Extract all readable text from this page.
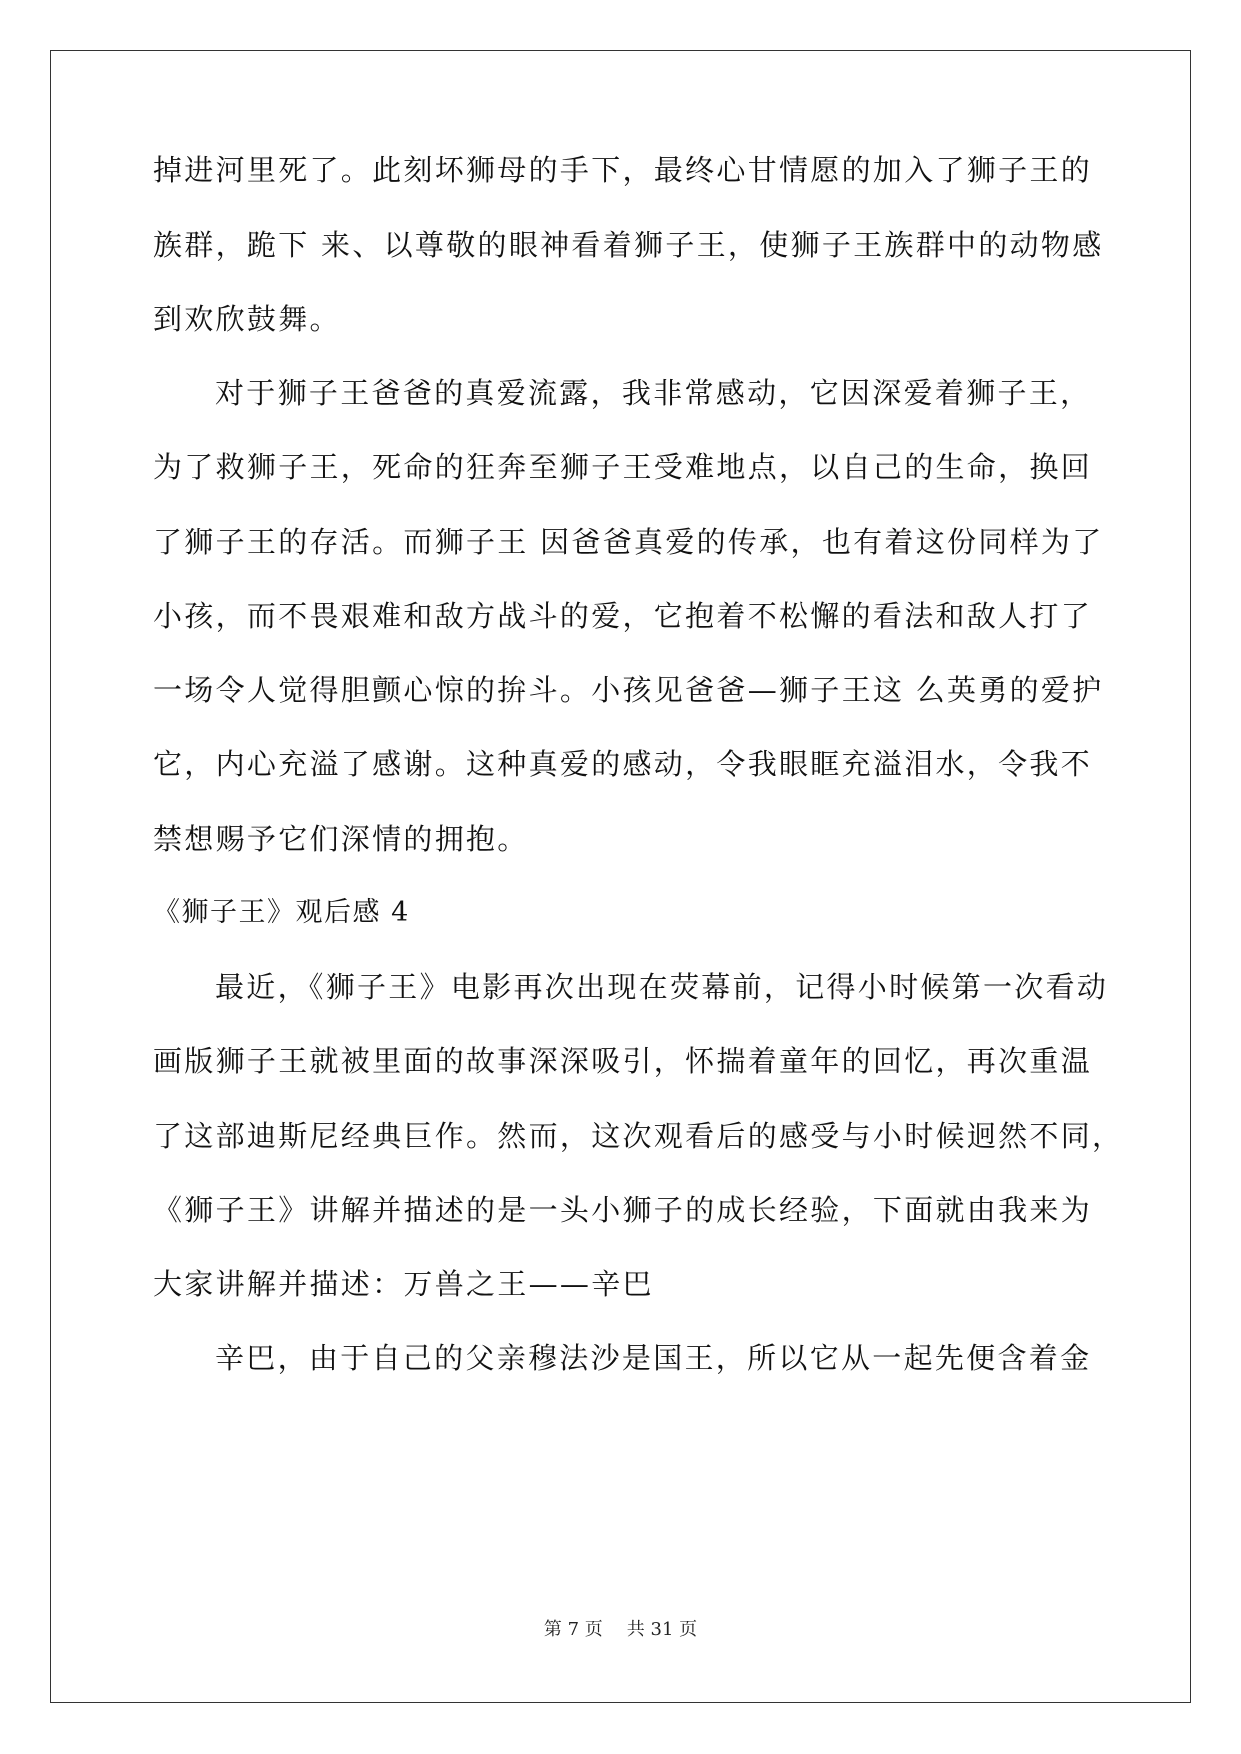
掉进河里死了。此刻坏狮母的手下，最终心甘情愿的加入了狮子王的
族群，跪下 来、以尊敬的眼神看着狮子王，使狮子王族群中的动物感
到欢欣鼓舞。
对于狮子王爸爸的真爱流露，我非常感动，它因深爱着狮子王，
为了救狮子王，死命的狂奔至狮子王受难地点，以自己的生命，换回
了狮子王的存活。而狮子王 因爸爸真爱的传承，也有着这份同样为了
小孩，而不畏艰难和敌方战斗的爱，它抱着不松懈的看法和敌人打了
一场令人觉得胆颤心惊的拚斗。小孩见爸爸—狮子王这 么英勇的爱护
它，内心充溢了感谢。这种真爱的感动，令我眼眶充溢泪水，令我不
禁想赐予它们深情的拥抱。
《狮子王》观后感 4
最近，《狮子王》电影再次出现在荧幕前，记得小时候第一次看动
画版狮子王就被里面的故事深深吸引，怀揣着童年的回忆，再次重温
了这部迪斯尼经典巨作。然而，这次观看后的感受与小时候迥然不同，
《狮子王》讲解并描述的是一头小狮子的成长经验，下面就由我来为
大家讲解并描述：万兽之王——辛巴
辛巴，由于自己的父亲穆法沙是国王，所以它从一起先便含着金
第 7 页 共 31 页
